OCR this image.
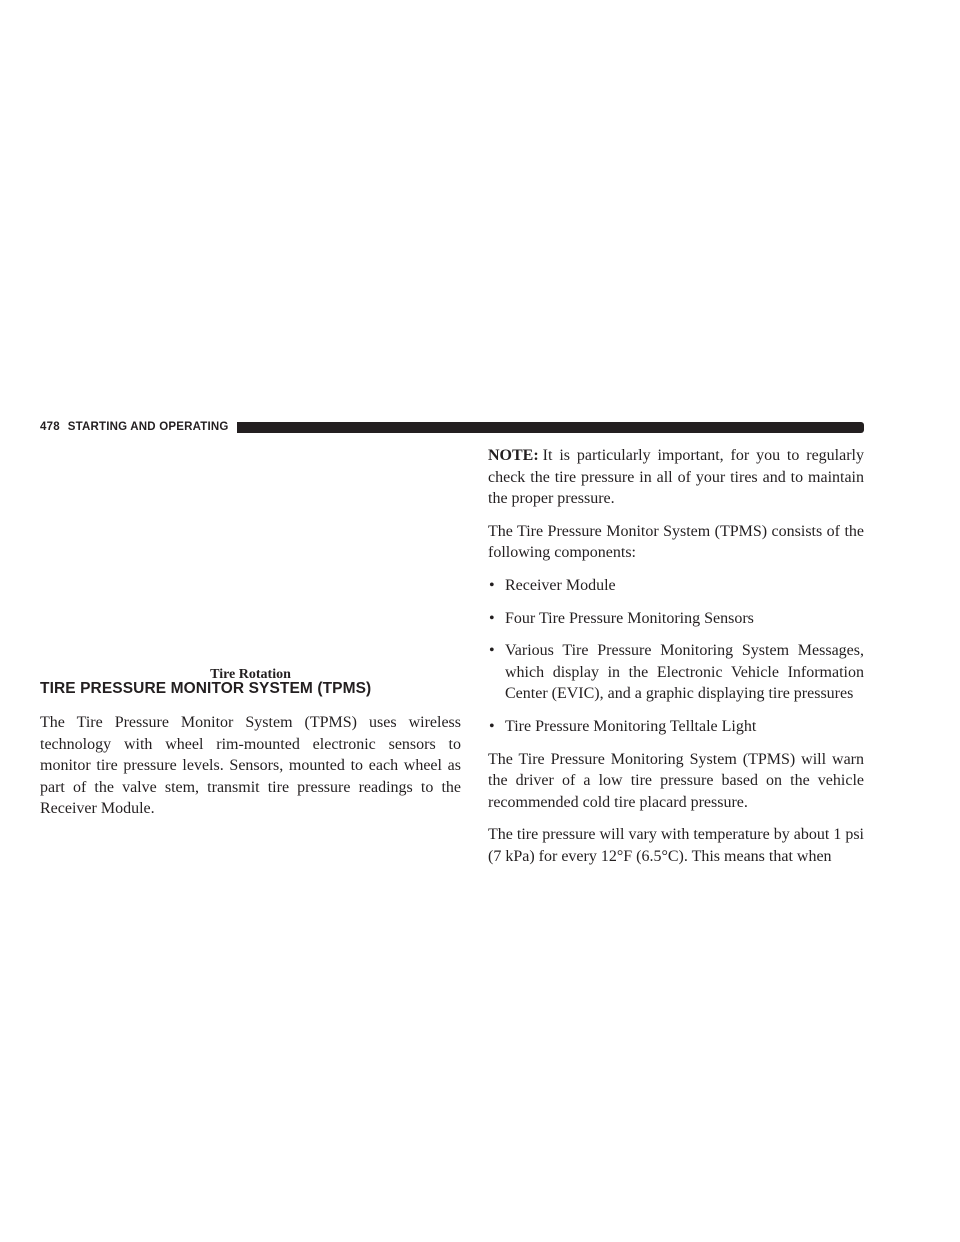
478 STARTING AND OPERATING
Tire Rotation
TIRE PRESSURE MONITOR SYSTEM (TPMS)

The Tire Pressure Monitor System (TPMS) uses wireless technology with wheel rim-mounted electronic sensors to monitor tire pressure levels. Sensors, mounted to each wheel as part of the valve stem, transmit tire pressure readings to the Receiver Module.

NOTE: It is particularly important, for you to regularly check the tire pressure in all of your tires and to maintain the proper pressure.

The Tire Pressure Monitor System (TPMS) consists of the following components:

• Receiver Module
• Four Tire Pressure Monitoring Sensors
• Various Tire Pressure Monitoring System Messages, which display in the Electronic Vehicle Information Center (EVIC), and a graphic displaying tire pressures
• Tire Pressure Monitoring Telltale Light

The Tire Pressure Monitoring System (TPMS) will warn the driver of a low tire pressure based on the vehicle recommended cold tire placard pressure.

The tire pressure will vary with temperature by about 1 psi (7 kPa) for every 12°F (6.5°C). This means that when
